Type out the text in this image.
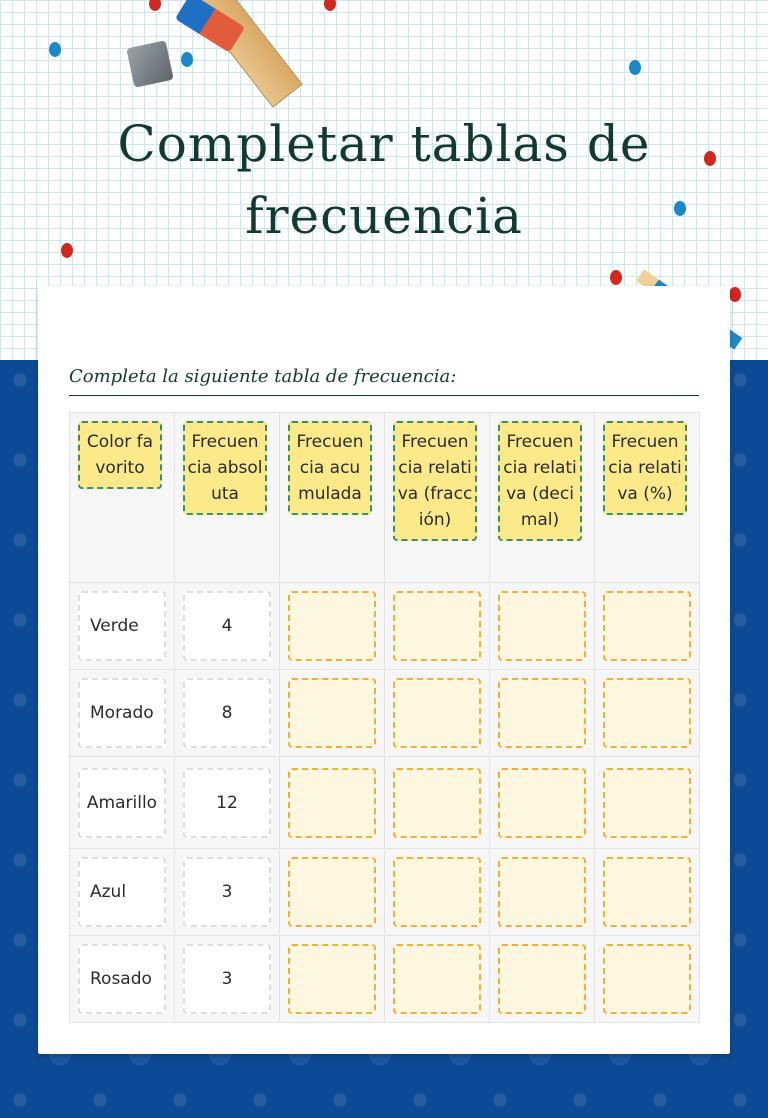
Completar tablas de frecuencia
Completa la siguiente tabla de frecuencia:
Color favorito	Frecuencia absoluta	Frecuencia acumulada	Frecuencia relativa (fracción)	Frecuencia relativa (decimal)	Frecuencia relativa (%)

Verde	4				

Morado	8				

Amarillo	12				

Azul	3				

Rosado	3				
